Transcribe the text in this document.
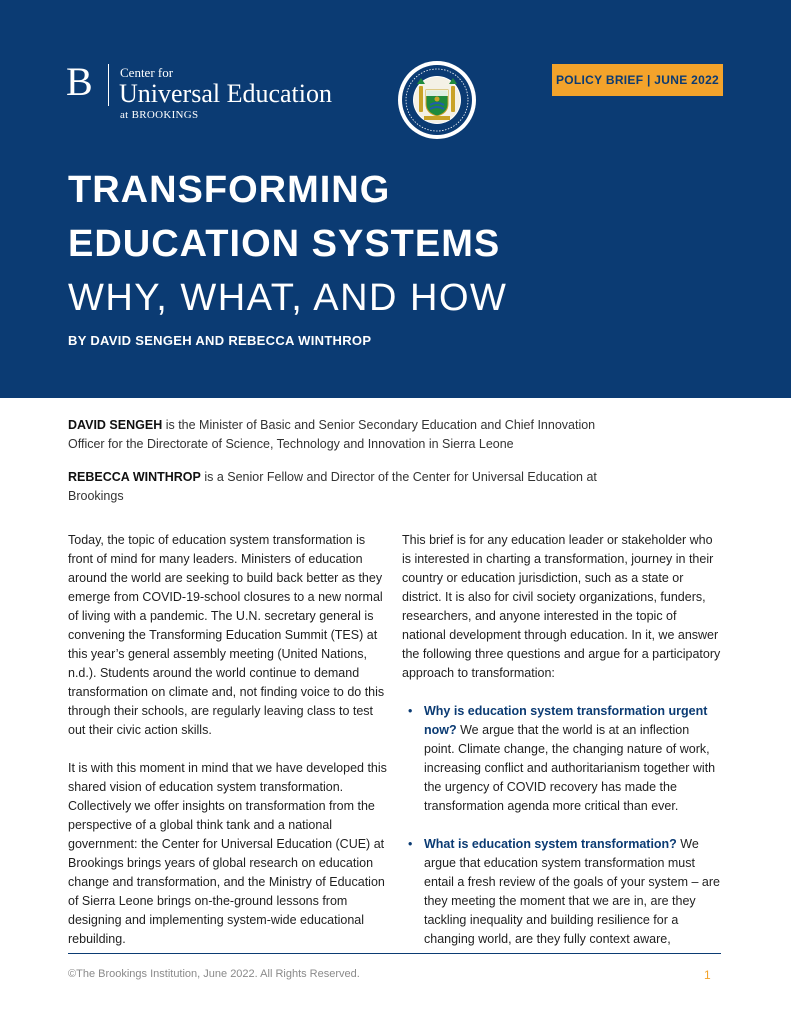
B Center for
Universal Education
at BROOKINGS
POLICY BRIEF | JUNE 2022
TRANSFORMING
EDUCATION SYSTEMS
WHY, WHAT, AND HOW
BY DAVID SENGEH AND REBECCA WINTHROP
DAVID SENGEH is the Minister of Basic and Senior Secondary Education and Chief Innovation Officer for the Directorate of Science, Technology and Innovation in Sierra Leone
REBECCA WINTHROP is a Senior Fellow and Director of the Center for Universal Education at Brookings

Today, the topic of education system transformation is front of mind for many leaders. Ministers of education around the world are seeking to build back better as they emerge from COVID-19-school closures to a new normal of living with a pandemic. The U.N. secretary general is convening the Transforming Education Summit (TES) at this year’s general assembly meeting (United Nations, n.d.). Students around the world continue to demand transformation on climate and, not finding voice to do this through their schools, are regularly leaving class to test out their civic action skills.

It is with this moment in mind that we have developed this shared vision of education system transformation. Collectively we offer insights on transformation from the perspective of a global think tank and a national government: the Center for Universal Education (CUE) at Brookings brings years of global research on education change and transformation, and the Ministry of Education of Sierra Leone brings on-the-ground lessons from designing and implementing system-wide educational rebuilding.

This brief is for any education leader or stakeholder who is interested in charting a transformation, journey in their country or education jurisdiction, such as a state or district. It is also for civil society organizations, funders, researchers, and anyone interested in the topic of national development through education. In it, we answer the following three questions and argue for a participatory approach to transformation:

• Why is education system transformation urgent now? We argue that the world is at an inflection point. Climate change, the changing nature of work, increasing conflict and authoritarianism together with the urgency of COVID recovery has made the transformation agenda more critical than ever.
• What is education system transformation? We argue that education system transformation must entail a fresh review of the goals of your system – are they meeting the moment that we are in, are they tackling inequality and building resilience for a changing world, are they fully context aware,
©The Brookings Institution, June 2022. All Rights Reserved.	1
